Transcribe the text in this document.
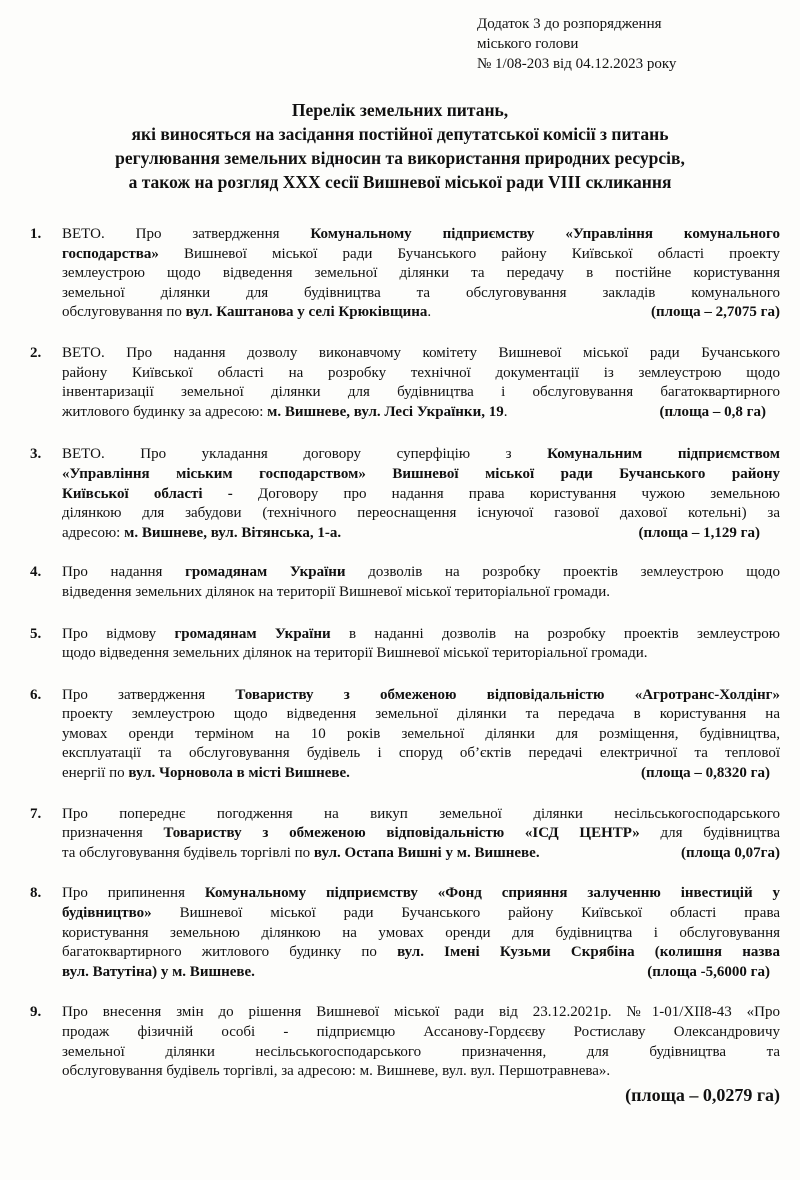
Додаток 3 до розпорядження
міського голови
№ 1/08-203 від 04.12.2023 року
Перелік земельних питань,
які виносяться на засідання постійної депутатської комісії з питань
регулювання земельних відносин та використання природних ресурсів,
а також на розгляд XXX сесії Вишневої міської ради VIII скликання
1. ВЕТО. Про затвердження Комунальному підприємству «Управління комунального
господарства» Вишневої міської ради Бучанського району Київської області проекту
землеустрою щодо відведення земельної ділянки та передачу в постійне користування
земельної ділянки для будівництва та обслуговування закладів комунального
обслуговування по вул. Каштанова у селі Крюківщина.	(площа – 2,7075 га)
2. ВЕТО. Про надання дозволу виконавчому комітету Вишневої міської ради Бучанського
району Київської області на розробку технічної документації із землеустрою щодо
інвентаризації земельної ділянки для будівництва і обслуговування багатоквартирного
житлового будинку за адресою: м. Вишневе, вул. Лесі Українки, 19.	(площа – 0,8 га)
3. ВЕТО. Про укладання договору суперфіцію з Комунальним підприємством
«Управління міським господарством» Вишневої міської ради Бучанського району
Київської області - Договору про надання права користування чужою земельною
ділянкою для забудови (технічного переоснащення існуючої газової дахової котельні) за
адресою: м. Вишневе, вул. Вітянська, 1-а.	(площа – 1,129 га)
4. Про надання громадянам України дозволів на розробку проектів землеустрою щодо
відведення земельних ділянок на території Вишневої міської територіальної громади.
5. Про відмову громадянам України в наданні дозволів на розробку проектів землеустрою
щодо відведення земельних ділянок на території Вишневої міської територіальної громади.
6. Про затвердження Товариству з обмеженою відповідальністю «Агротранс-Холдінг»
проекту землеустрою щодо відведення земельної ділянки та передача в користування на
умовах оренди терміном на 10 років земельної ділянки для розміщення, будівництва,
експлуатації та обслуговування будівель і споруд об’єктів передачі електричної та теплової
енергії по вул. Чорновола в місті Вишневе.	(площа – 0,8320 га)
7. Про попереднє погодження на викуп земельної ділянки несільськогосподарського
призначення Товариству з обмеженою відповідальністю «ІСД ЦЕНТР» для будівництва
та обслуговування будівель торгівлі по вул. Остапа Вишні у м. Вишневе.	(площа 0,07га)
8. Про припинення Комунальному підприємству «Фонд сприяння залученню інвестицій у
будівництво» Вишневої міської ради Бучанського району Київської області права
користування земельною ділянкою на умовах оренди для будівництва і обслуговування
багатоквартирного житлового будинку по вул. Імені Кузьми Скрябіна (колишня назва
вул. Ватутіна) у м. Вишневе.	(площа -5,6000 га)
9. Про внесення змін до рішення Вишневої міської ради від 23.12.2021р. №1-01/ХІІ8-43 «Про
продаж фізичній особі - підприємцю Ассанову-Гордєєву Ростиславу Олександровичу
земельної ділянки несільськогосподарського призначення, для будівництва та
обслуговування будівель торгівлі, за адресою: м. Вишневе, вул. вул. Першотравнева».
(площа – 0,0279 га)
